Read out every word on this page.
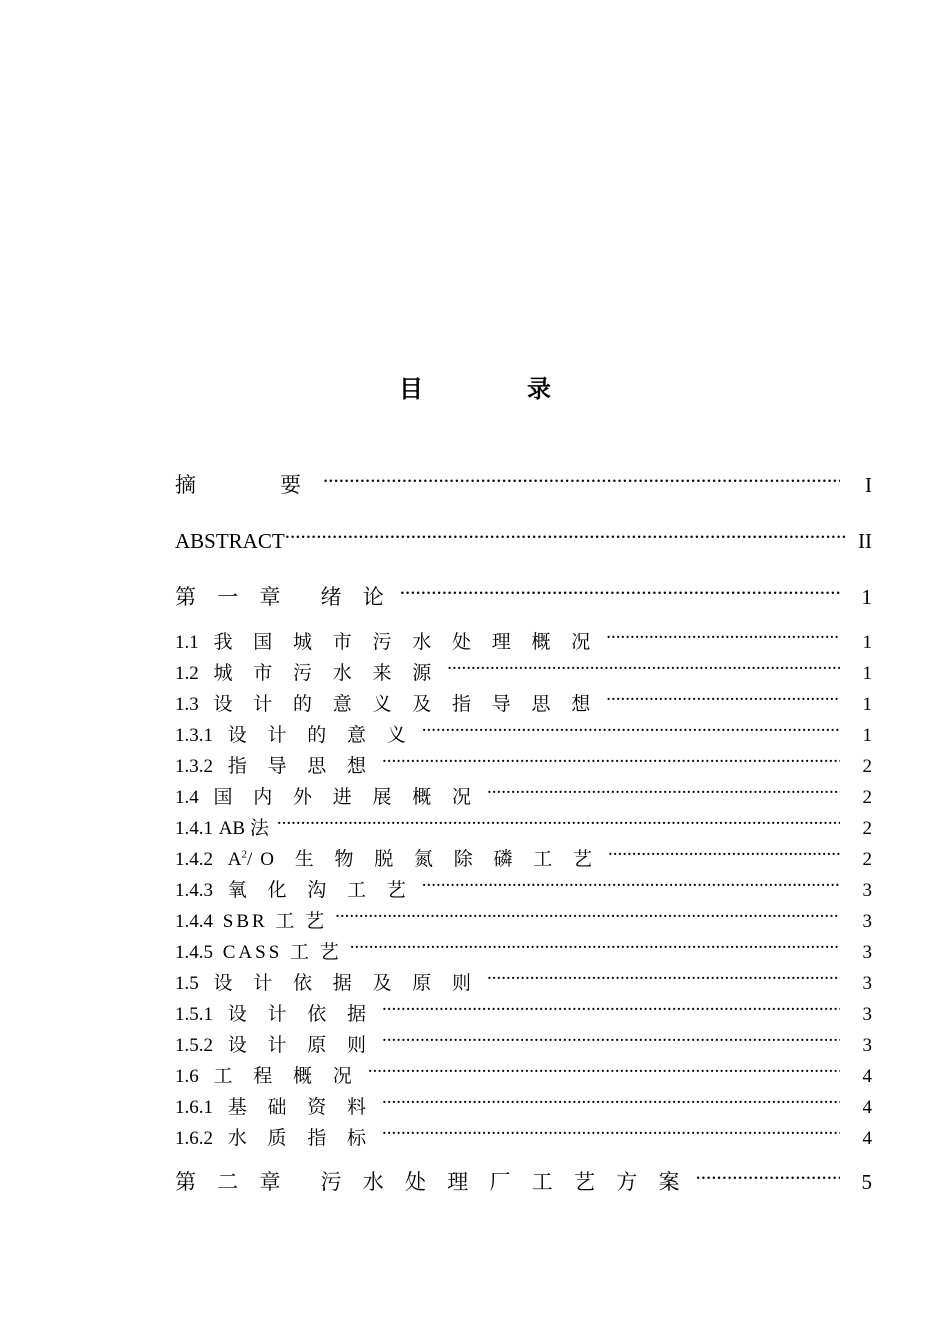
目　录
摘　　要 .....	I
ABSTRACT .....	II
第 一 章 绪 论 .....	1
1.1 我 国 城 市 污 水 处 理 概 况 .....	1
1.2 城 市 污 水 来 源 .....	1
1.3 设 计 的 意 义 及 指 导 思 想 .....	1
1.3.1 设 计 的 意 义 .....	1
1.3.2 指 导 思 想 .....	2
1.4 国 内 外 进 展 概 况 .....	2
1.4.1 AB 法 .....	2
1.4.2 $A^2/O$ 生 物 脱 氮 除 磷 工 艺 .....	2
1.4.3 氧 化 沟 工 艺 .....	3
1.4.4 SBR 工 艺 .....	3
1.4.5 CASS 工 艺 .....	3
1.5 设 计 依 据 及 原 则 .....	3
1.5.1 设 计 依 据 .....	3
1.5.2 设 计 原 则 .....	3
1.6 工 程 概 况 .....	4
1.6.1 基 础 资 料 .....	4
1.6.2 水 质 指 标 .....	4
第 二 章 污 水 处 理 厂 工 艺 方 案 .....	5
